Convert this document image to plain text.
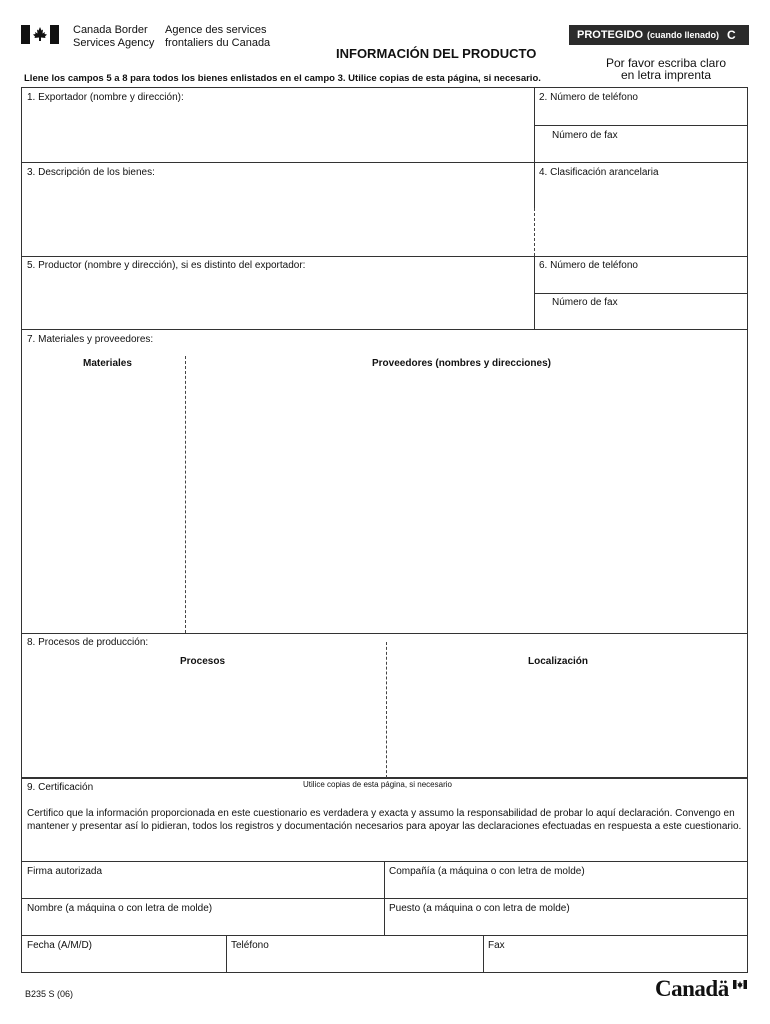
Canada Border
Services Agency
Agence des services
frontaliers du Canada
PROTEGIDO (cuando llenado) C
INFORMACIÓN DEL PRODUCTO
Por favor escriba claro
en letra imprenta
Llene los campos 5 a 8 para todos los bienes enlistados en el campo 3. Utilice copias de esta página, si necesario.
1. Exportador (nombre y dirección):	2. Número de teléfono
Número de fax
3. Descripción de los bienes:	4. Clasificación arancelaria
5. Productor (nombre y dirección), si es distinto del exportador:	6. Número de teléfono
Número de fax
7. Materiales y proveedores:
Materiales	Proveedores (nombres y direcciones)
8. Procesos de producción:
Procesos	Localización
Utilice copias de esta página, si necesario
9. Certificación
Certifico que la información proporcionada en este cuestionario es verdadera y exacta y assumo la responsabilidad de probar lo aquí declaración. Convengo en mantener y presentar así lo pidieran, todos los registros y documentación necesarios para apoyar las declaraciones efectuadas en respuesta a este cuestionario.
Firma autorizada	Compañía (a máquina o con letra de molde)
Nombre (a máquina o con letra de molde)	Puesto (a máquina o con letra de molde)
Fecha (A/M/D)	Teléfono	Fax
B235 S (06)	Canadä
